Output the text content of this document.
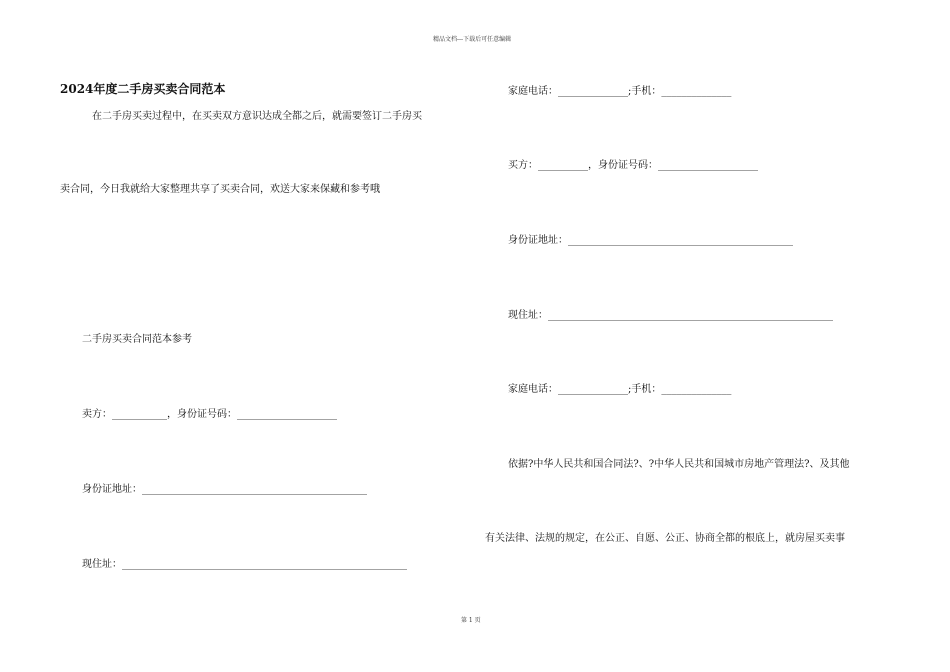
精品文档---下载后可任意编辑
2024年度二手房买卖合同范本
在二手房买卖过程中，在买卖双方意识达成全都之后，就需要签订二手房买
卖合同，今日我就给大家整理共享了买卖合同，欢送大家来保藏和参考哦
二手房买卖合同范本参考
卖方：___________，身份证号码：____________________
身份证地址：_____________________________________________
现住址：_________________________________________________________
家庭电话：______________;手机：______________
买方：__________，身份证号码：____________________
身份证地址：_____________________________________________
现住址：_________________________________________________________
家庭电话：______________;手机：______________
依据?中华人民共和国合同法?、?中华人民共和国城市房地产管理法?、及其他
有关法律、法规的规定，在公正、自愿、公正、协商全都的根底上，就房屋买卖事
第 1 页
